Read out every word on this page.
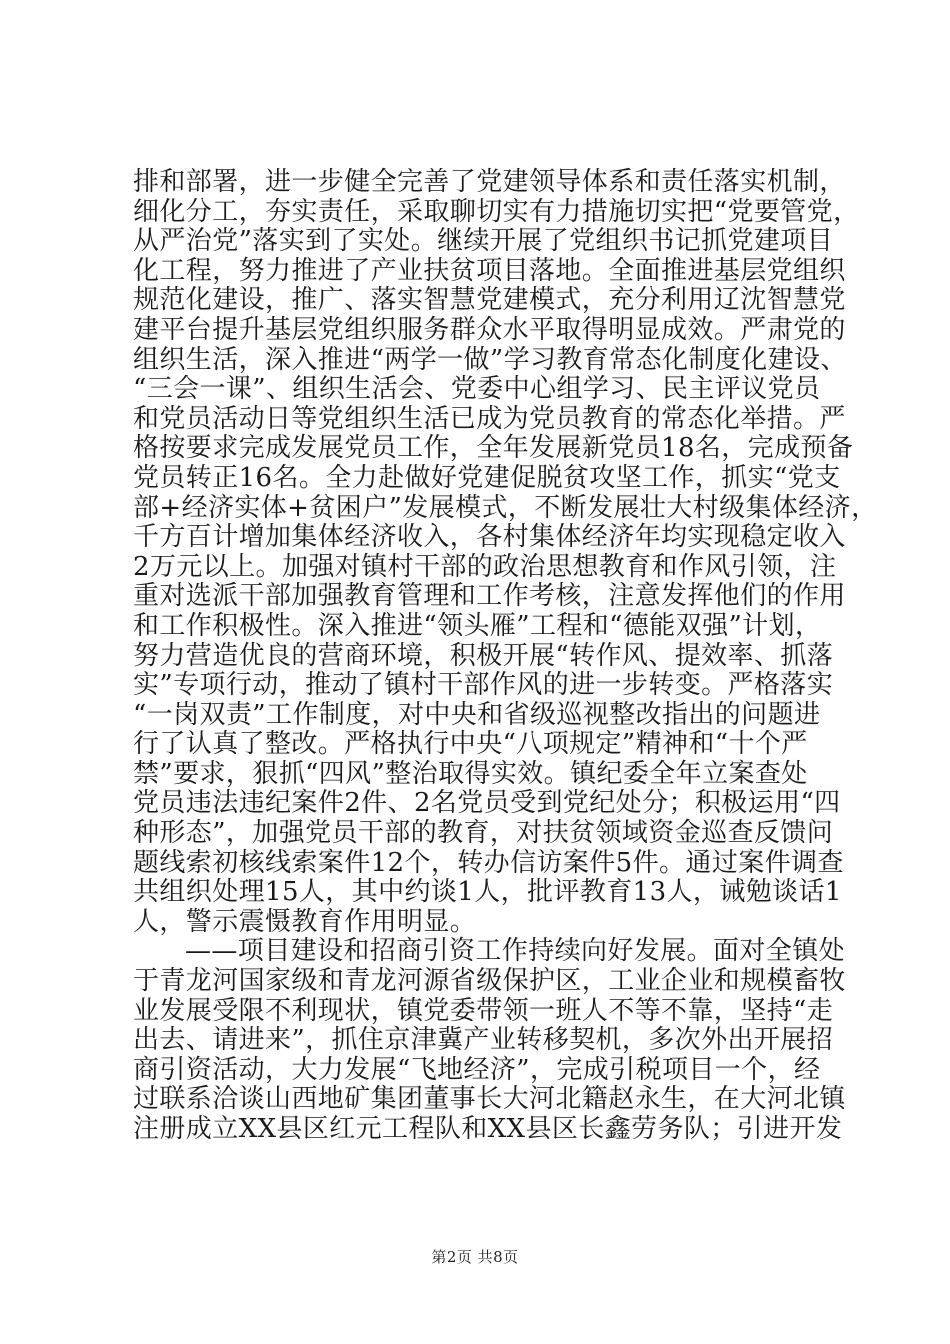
排和部署，进一步健全完善了党建领导体系和责任落实机制，
细化分工，夯实责任，采取聊切实有力措施切实把“党要管党，
从严治党”落实到了实处。继续开展了党组织书记抓党建项目
化工程，努力推进了产业扶贫项目落地。全面推进基层党组织
规范化建设，推广、落实智慧党建模式，充分利用辽沈智慧党
建平台提升基层党组织服务群众水平取得明显成效。严肃党的
组织生活，深入推进“两学一做”学习教育常态化制度化建设、
“三会一课”、组织生活会、党委中心组学习、民主评议党员
和党员活动日等党组织生活已成为党员教育的常态化举措。严
格按要求完成发展党员工作，全年发展新党员18名，完成预备
党员转正16名。全力赴做好党建促脱贫攻坚工作，抓实“党支
部+经济实体+贫困户”发展模式，不断发展壮大村级集体经济，
千方百计增加集体经济收入，各村集体经济年均实现稳定收入
2万元以上。加强对镇村干部的政治思想教育和作风引领，注
重对选派干部加强教育管理和工作考核，注意发挥他们的作用
和工作积极性。深入推进“领头雁”工程和“德能双强”计划，
努力营造优良的营商环境，积极开展“转作风、提效率、抓落
实”专项行动，推动了镇村干部作风的进一步转变。严格落实
“一岗双责”工作制度，对中央和省级巡视整改指出的问题进
行了认真了整改。严格执行中央“八项规定”精神和“十个严
禁”要求，狠抓“四风”整治取得实效。镇纪委全年立案查处
党员违法违纪案件2件、2名党员受到党纪处分；积极运用“四
种形态”，加强党员干部的教育，对扶贫领域资金巡查反馈问
题线索初核线索案件12个，转办信访案件5件。通过案件调查
共组织处理15人，其中约谈1人，批评教育13人，诫勉谈话1
人，警示震慑教育作用明显。
——项目建设和招商引资工作持续向好发展。面对全镇处
于青龙河国家级和青龙河源省级保护区，工业企业和规模畜牧
业发展受限不利现状，镇党委带领一班人不等不靠，坚持“走
出去、请进来”，抓住京津冀产业转移契机，多次外出开展招
商引资活动，大力发展“飞地经济”，完成引税项目一个，经
过联系洽谈山西地矿集团董事长大河北籍赵永生，在大河北镇
注册成立XX县区红元工程队和XX县区长鑫劳务队；引进开发
第2页 共8页
